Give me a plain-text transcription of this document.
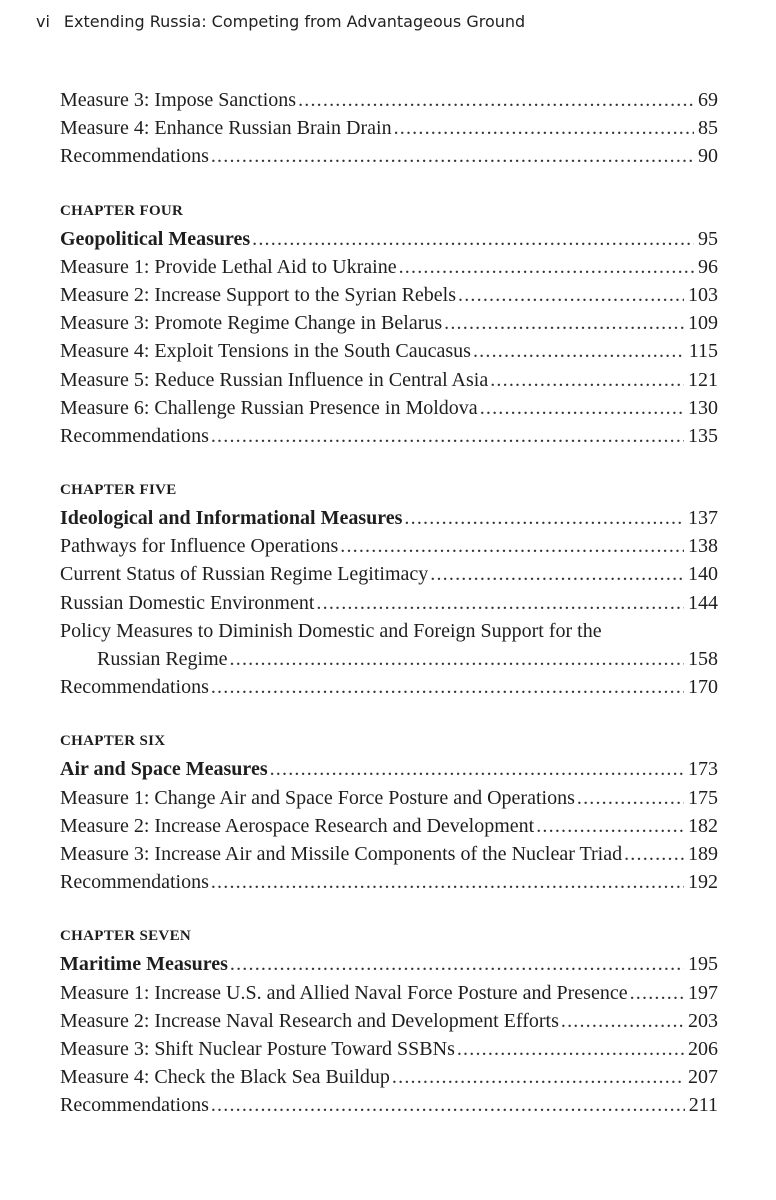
vi Extending Russia: Competing from Advantageous Ground
Measure 3: Impose Sanctions .....	69
Measure 4: Enhance Russian Brain Drain .....	85
Recommendations .....	90
CHAPTER FOUR
Geopolitical Measures .....	95
Measure 1: Provide Lethal Aid to Ukraine .....	96
Measure 2: Increase Support to the Syrian Rebels .....	103
Measure 3: Promote Regime Change in Belarus .....	109
Measure 4: Exploit Tensions in the South Caucasus .....	115
Measure 5: Reduce Russian Influence in Central Asia .....	121
Measure 6: Challenge Russian Presence in Moldova .....	130
Recommendations .....	135
CHAPTER FIVE
Ideological and Informational Measures .....	137
Pathways for Influence Operations .....	138
Current Status of Russian Regime Legitimacy .....	140
Russian Domestic Environment .....	144
Policy Measures to Diminish Domestic and Foreign Support for the
Russian Regime .....	158
Recommendations .....	170
CHAPTER SIX
Air and Space Measures .....	173
Measure 1: Change Air and Space Force Posture and Operations .....	175
Measure 2: Increase Aerospace Research and Development .....	182
Measure 3: Increase Air and Missile Components of the Nuclear Triad .....	189
Recommendations .....	192
CHAPTER SEVEN
Maritime Measures .....	195
Measure 1: Increase U.S. and Allied Naval Force Posture and Presence .....	197
Measure 2: Increase Naval Research and Development Efforts .....	203
Measure 3: Shift Nuclear Posture Toward SSBNs .....	206
Measure 4: Check the Black Sea Buildup .....	207
Recommendations .....	211
